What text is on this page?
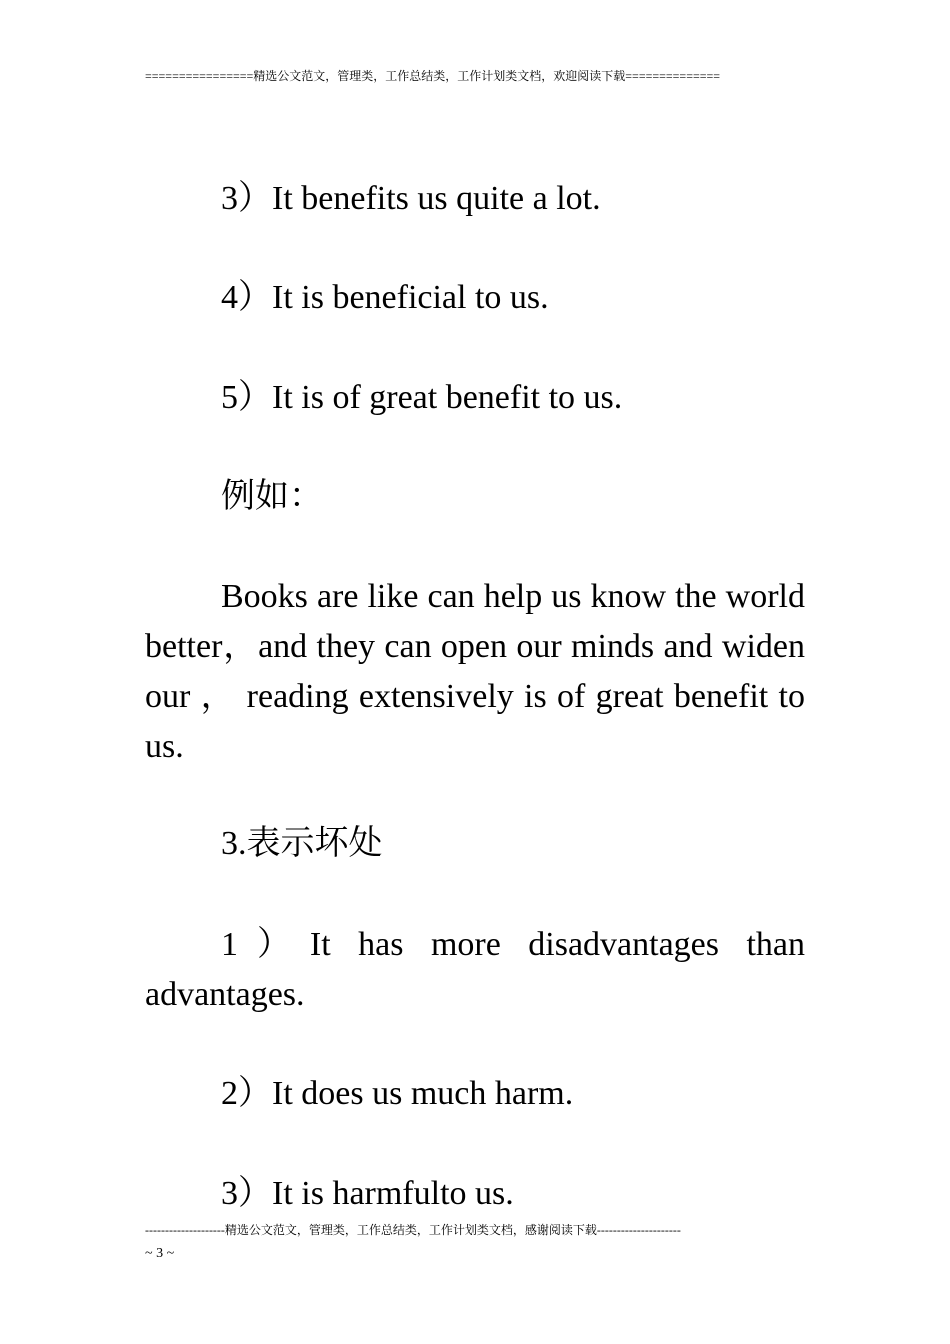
================精选公文范文，管理类，工作总结类，工作计划类文档，欢迎阅读下载==============

3）It benefits us quite a lot.

4）It is beneficial to us.

5）It is of great benefit to us.

例如：

Books are like can help us know the world better，and they can open our minds and widen our ， reading extensively is of great benefit to us.

3.表示坏处

1）It has more disadvantages than advantages.

2）It does us much harm.

3）It is harmfulto us.

--------------------精选公文范文，管理类，工作总结类，工作计划类文档，感谢阅读下载---------------------
~ 3 ~
